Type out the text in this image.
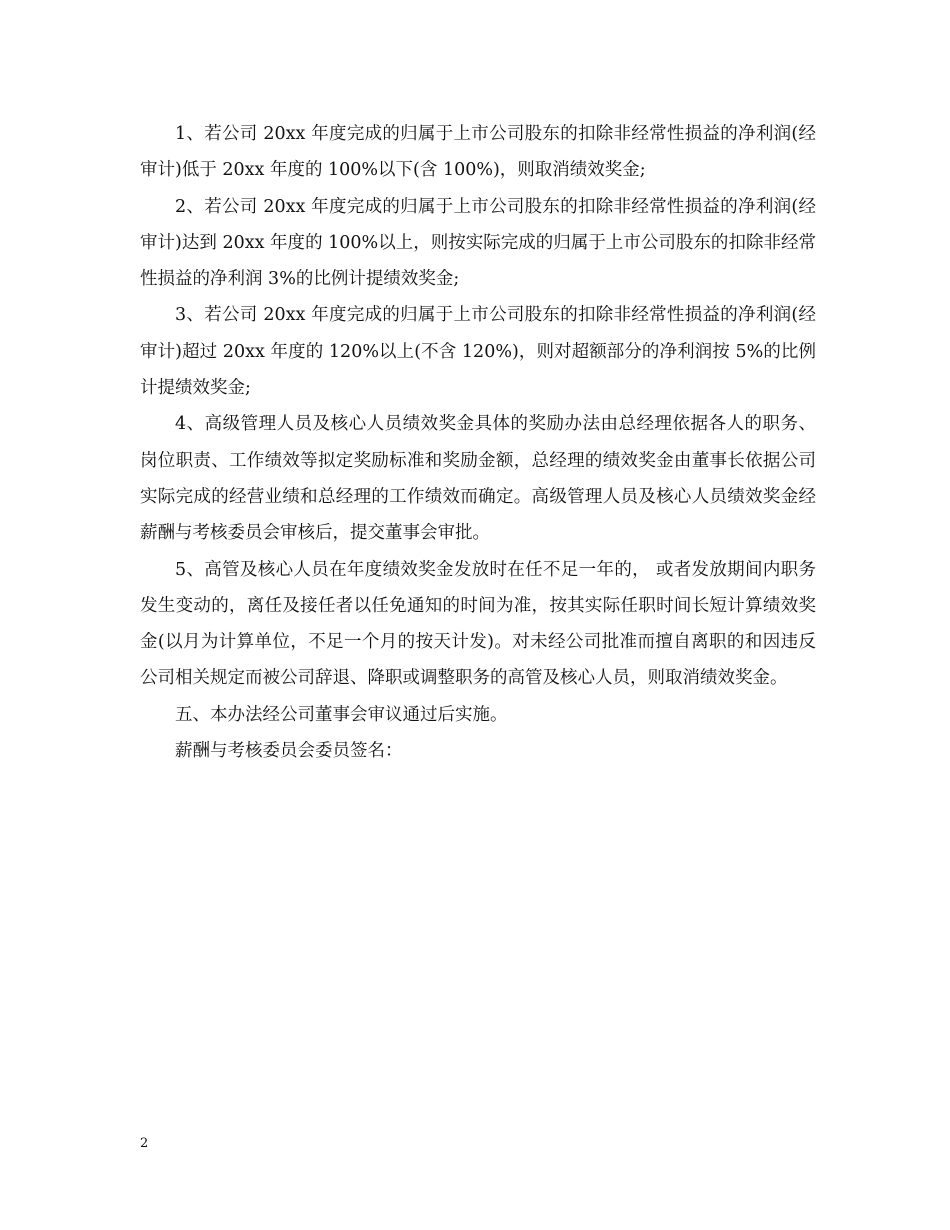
1、若公司 20xx 年度完成的归属于上市公司股东的扣除非经常性损益的净利润(经审计)低于 20xx 年度的 100%以下(含 100%)，则取消绩效奖金;

2、若公司 20xx 年度完成的归属于上市公司股东的扣除非经常性损益的净利润(经审计)达到 20xx 年度的 100%以上，则按实际完成的归属于上市公司股东的扣除非经常性损益的净利润 3%的比例计提绩效奖金;

3、若公司 20xx 年度完成的归属于上市公司股东的扣除非经常性损益的净利润(经审计)超过 20xx 年度的 120%以上(不含 120%)，则对超额部分的净利润按 5%的比例计提绩效奖金;

4、高级管理人员及核心人员绩效奖金具体的奖励办法由总经理依据各人的职务、岗位职责、工作绩效等拟定奖励标准和奖励金额，总经理的绩效奖金由董事长依据公司实际完成的经营业绩和总经理的工作绩效而确定。高级管理人员及核心人员绩效奖金经薪酬与考核委员会审核后，提交董事会审批。

5、高管及核心人员在年度绩效奖金发放时在任不足一年的， 或者发放期间内职务发生变动的，离任及接任者以任免通知的时间为准，按其实际任职时间长短计算绩效奖金(以月为计算单位，不足一个月的按天计发)。对未经公司批准而擅自离职的和因违反公司相关规定而被公司辞退、降职或调整职务的高管及核心人员，则取消绩效奖金。

五、本办法经公司董事会审议通过后实施。

薪酬与考核委员会委员签名：

2
